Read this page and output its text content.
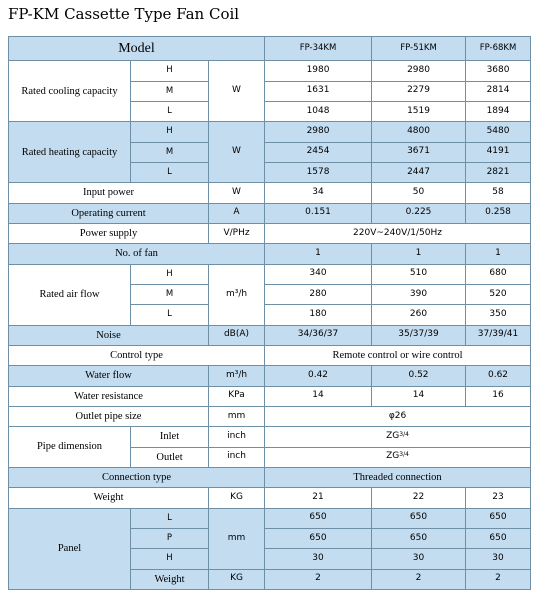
FP-KM Cassette Type Fan Coil
Model			FP-34KM	FP-51KM	FP-68KM
Rated cooling capacity	H	W	1980	2980	3680
	M		1631	2279	2814
	L		1048	1519	1894
Rated heating capacity	H	W	2980	4800	5480
	M		2454	3671	4191
	L		1578	2447	2821
Input power		W	34	50	58
Operating current		A	0.151	0.225	0.258
Power supply		V/PHz	220V~240V/1/50Hz		
No. of fan			1	1	1
Rated air flow	H	m³/h	340	510	680
	M		280	390	520
	L		180	260	350
Noise		dB(A)	34/36/37	35/37/39	37/39/41
Control type			Remote control or wire control		
Water flow		m³/h	0.42	0.52	0.62
Water resistance		KPa	14	14	16
Outlet pipe size		mm	φ26		
Pipe dimension	Inlet	inch	$ZG^{3/4}$
	Outlet	inch	$ZG^{3/4}$
Connection type			Threaded connection		
Weight		KG	21	22	23
Panel	L	mm	650	650	650
	P		650	650	650
	H		30	30	30
	Weight	KG	2	2	2
